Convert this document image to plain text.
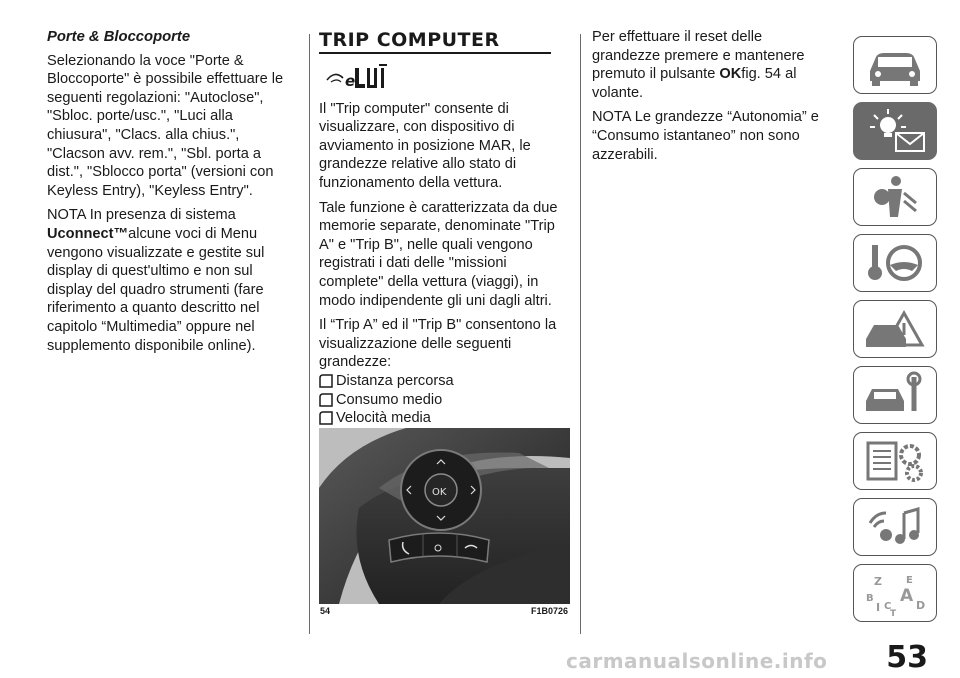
Porte & Bloccoporte

Selezionando la voce "Porte & Bloccoporte" è possibile effettuare le seguenti regolazioni: "Autoclose", "Sbloc. porte/usc.", "Luci alla chiusura", "Clacs. alla chius.", "Clacson avv. rem.", "Sbl. porta a dist.", "Sblocco porta" (versioni con Keyless Entry), "Keyless Entry".

NOTA In presenza di sistema Uconnect™alcune voci di Menu vengono visualizzate e gestite sul display di quest'ultimo e non sul display del quadro strumenti (fare riferimento a quanto descritto nel capitolo “Multimedia” oppure nel supplemento disponibile online).

TRIP COMPUTER
e

Il "Trip computer" consente di visualizzare, con dispositivo di avviamento in posizione MAR, le grandezze relative allo stato di funzionamento della vettura.

Tale funzione è caratterizzata da due memorie separate, denominate "Trip A" e "Trip B", nelle quali vengono registrati i dati delle "missioni complete" della vettura (viaggi), in modo indipendente gli uni dagli altri.

Il “Trip A” ed il "Trip B" consentono la visualizzazione delle seguenti grandezze:

Distanza percorsa
Consumo medio
Velocità media
OK
54	F1B0726

Per effettuare il reset delle grandezze premere e mantenere premuto il pulsante OKfig. 54 al volante.

NOTA Le grandezze “Autonomia” e “Consumo istantaneo” non sono azzerabili.

Z E
B A
C D
T
I
53
carmanualsonline.info
